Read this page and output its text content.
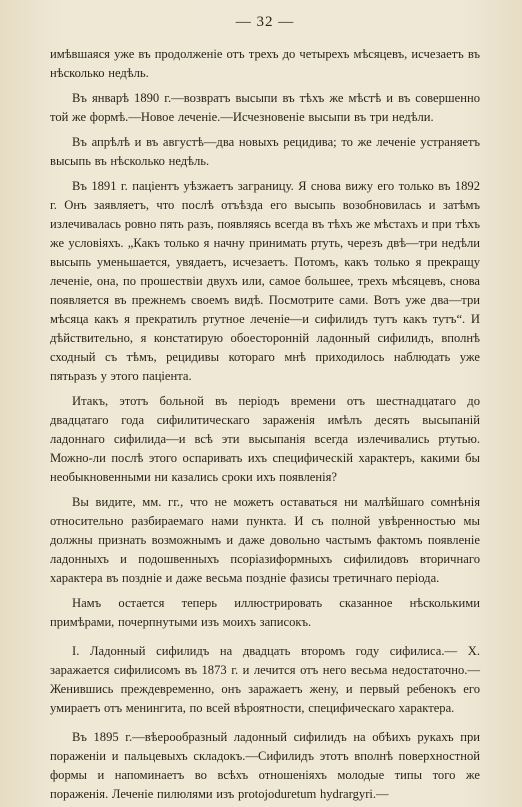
— 32 —

имѣвшаяся уже въ продолженіе отъ трехъ до четырехъ мѣсяцевъ, исчезаетъ въ нѣсколько недѣль.

Въ январѣ 1890 г.—возвратъ высыпи въ тѣхъ же мѣстѣ и въ совершенно той же формѣ.—Новое леченіе.—Исчезновеніе высыпи въ три недѣли.

Въ апрѣлѣ и въ августѣ—два новыхъ рецидива; то же леченіе устраняетъ высыпь въ нѣсколько недѣль.

Въ 1891 г. паціентъ уѣзжаетъ заграницу. Я снова вижу его только въ 1892 г. Онъ заявляетъ, что послѣ отъѣзда его высыпь возобновилась и затѣмъ излечивалась ровно пять разъ, появляясь всегда въ тѣхъ же мѣстахъ и при тѣхъ же условіяхъ. „Какъ только я начну принимать ртуть, черезъ двѣ—три недѣли высыпь уменьшается, увядаетъ, исчезаетъ. Потомъ, какъ только я прекращу леченіе, она, по прошествіи двухъ или, самое большее, трехъ мѣсяцевъ, снова появляется въ прежнемъ своемъ видѣ. Посмотрите сами. Вотъ уже два—три мѣсяца какъ я прекратилъ ртутное леченіе—и сифилидъ тутъ какъ тутъ“. И дѣйствительно, я констатирую обоесторонній ладонный сифилидъ, вполнѣ сходный съ тѣмъ, рецидивы котораго мнѣ приходилось наблюдать уже пятьразъ у этого паціента.

Итакъ, этотъ больной въ періодъ времени отъ шестнадцатаго до двадцатаго года сифилитическаго зараженія имѣлъ десять высыпаній ладоннаго сифилида—и всѣ эти высыпанія всегда излечивались ртутью. Можно-ли послѣ этого оспаривать ихъ специфическій характеръ, какими бы необыкновенными ни казались сроки ихъ появленія?

Вы видите, мм. гг., что не можетъ оставаться ни малѣйшаго сомнѣнія относительно разбираемаго нами пункта. И съ полной увѣренностью мы должны признать возможнымъ и даже довольно частымъ фактомъ появленіе ладонныхъ и подошвенныхъ псоріазиформныхъ сифилидовъ вторичнаго характера въ позднiе и даже весьма позднiе фазисы третичнаго періода.

Намъ остается теперь иллюстрировать сказанное нѣсколькими примѣрами, почерпнутыми изъ моихъ записокъ.

I. Ладонный сифилидъ на двадцать второмъ году сифилиса.— X. заражается сифилисомъ въ 1873 г. и лечится отъ него весьма недостаточно.—Женившись преждевременно, онъ заражаетъ жену, и первый ребенокъ его умираетъ отъ менингита, по всей вѣроятности, специфическаго характера.

Въ 1895 г.—вѣерообразный ладонный сифилидъ на обѣихъ рукахъ при пораженіи и пальцевыхъ складокъ.—Сифилидъ этотъ вполнѣ поверхностной формы и напоминаетъ во всѣхъ отношеніяхъ молодые типы того же пораженія. Леченіе пилюлями изъ protojoduretum hydrargyri.—
